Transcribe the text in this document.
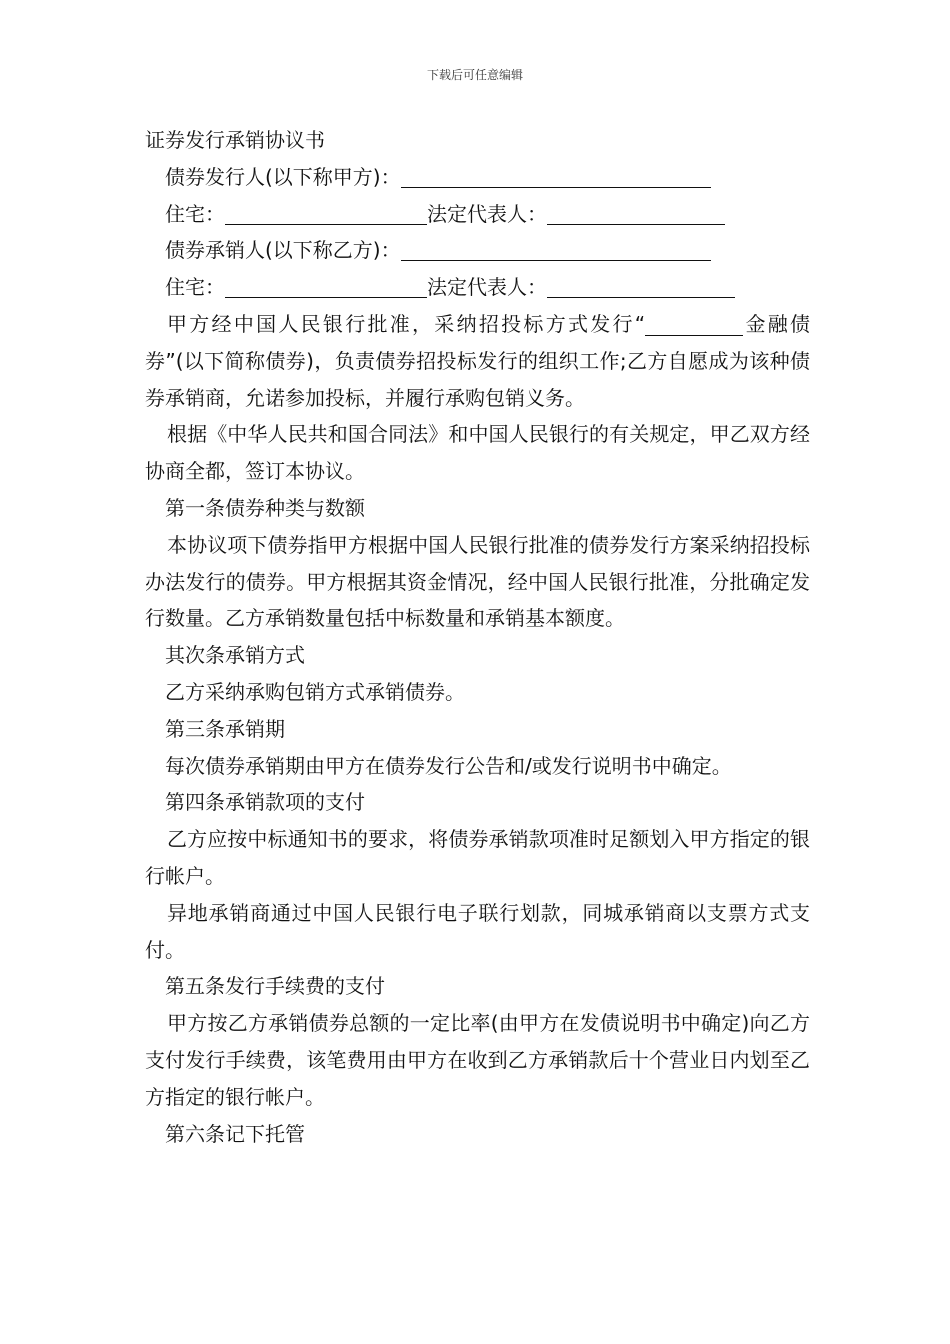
下载后可任意编辑

证券发行承销协议书

债券发行人(以下称甲方)：

住宅：	法定代表人：

债券承销人(以下称乙方)：

住宅：	法定代表人：

甲方经中国人民银行批准，采纳招投标方式发行“	金融债券”(以下简称债券)，负责债券招投标发行的组织工作;乙方自愿成为该种债券承销商，允诺参加投标，并履行承购包销义务。

根据《中华人民共和国合同法》和中国人民银行的有关规定，甲乙双方经协商全都，签订本协议。

第一条债券种类与数额

本协议项下债券指甲方根据中国人民银行批准的债券发行方案采纳招投标办法发行的债券。甲方根据其资金情况，经中国人民银行批准，分批确定发行数量。乙方承销数量包括中标数量和承销基本额度。

其次条承销方式

乙方采纳承购包销方式承销债券。

第三条承销期

每次债券承销期由甲方在债券发行公告和/或发行说明书中确定。

第四条承销款项的支付

乙方应按中标通知书的要求，将债券承销款项准时足额划入甲方指定的银行帐户。

异地承销商通过中国人民银行电子联行划款，同城承销商以支票方式支付。

第五条发行手续费的支付

甲方按乙方承销债券总额的一定比率(由甲方在发债说明书中确定)向乙方支付发行手续费，该笔费用由甲方在收到乙方承销款后十个营业日内划至乙方指定的银行帐户。

第六条记下托管
